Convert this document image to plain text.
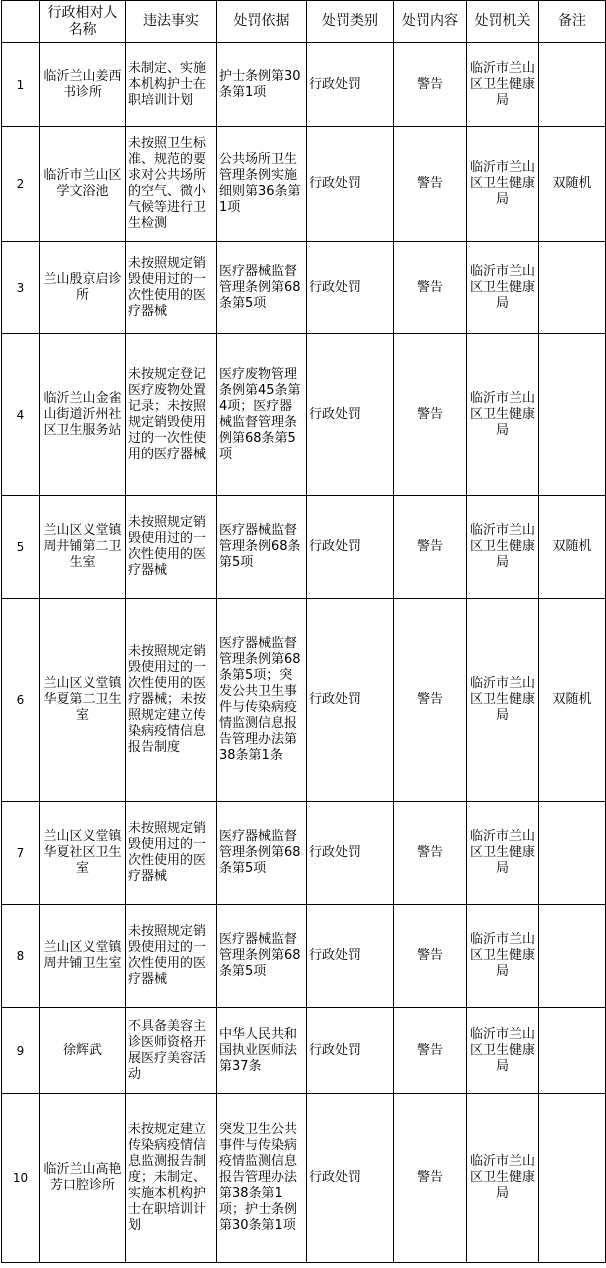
	行政相对人名称	违法事实	处罚依据	处罚类别	处罚内容	处罚机关	备注
1	临沂兰山姜西书诊所	未制定、实施本机构护士在职培训计划	护士条例第30条第1项	行政处罚	警告	临沂市兰山区卫生健康局	
2	临沂市兰山区学文浴池	未按照卫生标准、规范的要求对公共场所的空气、微小气候等进行卫生检测	公共场所卫生管理条例实施细则第36条第1项	行政处罚	警告	临沂市兰山区卫生健康局	双随机
3	兰山殷京启诊所	未按照规定销毁使用过的一次性使用的医疗器械	医疗器械监督管理条例第68条第5项	行政处罚	警告	临沂市兰山区卫生健康局	
4	临沂兰山金雀山街道沂州社区卫生服务站	未按规定登记医疗废物处置记录；未按照规定销毁使用过的一次性使用的医疗器械	医疗废物管理条例第45条第4项；医疗器械监督管理条例第68条第5项	行政处罚	警告	临沂市兰山区卫生健康局	
5	兰山区义堂镇周井铺第二卫生室	未按照规定销毁使用过的一次性使用的医疗器械	医疗器械监督管理条例68条第5项	行政处罚	警告	临沂市兰山区卫生健康局	双随机
6	兰山区义堂镇华夏第二卫生室	未按照规定销毁使用过的一次性使用的医疗器械；未按照规定建立传染病疫情信息报告制度	医疗器械监督管理条例第68条第5项；突发公共卫生事件与传染病疫情监测信息报告管理办法第38条第1条	行政处罚	警告	临沂市兰山区卫生健康局	双随机
7	兰山区义堂镇华夏社区卫生室	未按照规定销毁使用过的一次性使用的医疗器械	医疗器械监督管理条例第68条第5项	行政处罚	警告	临沂市兰山区卫生健康局	
8	兰山区义堂镇周井铺卫生室	未按照规定销毁使用过的一次性使用的医疗器械	医疗器械监督管理条例第68条第5项	行政处罚	警告	临沂市兰山区卫生健康局	
9	徐辉武	不具备美容主诊医师资格开展医疗美容活动	中华人民共和国执业医师法第37条	行政处罚	警告	临沂市兰山区卫生健康局	
10	临沂兰山高艳芳口腔诊所	未按规定建立传染病疫情信息监测报告制度；未制定、实施本机构护士在职培训计划	突发卫生公共事件与传染病疫情监测信息报告管理办法第38条第1项；护士条例第30条第1项	行政处罚	警告	临沂市兰山区卫生健康局	
